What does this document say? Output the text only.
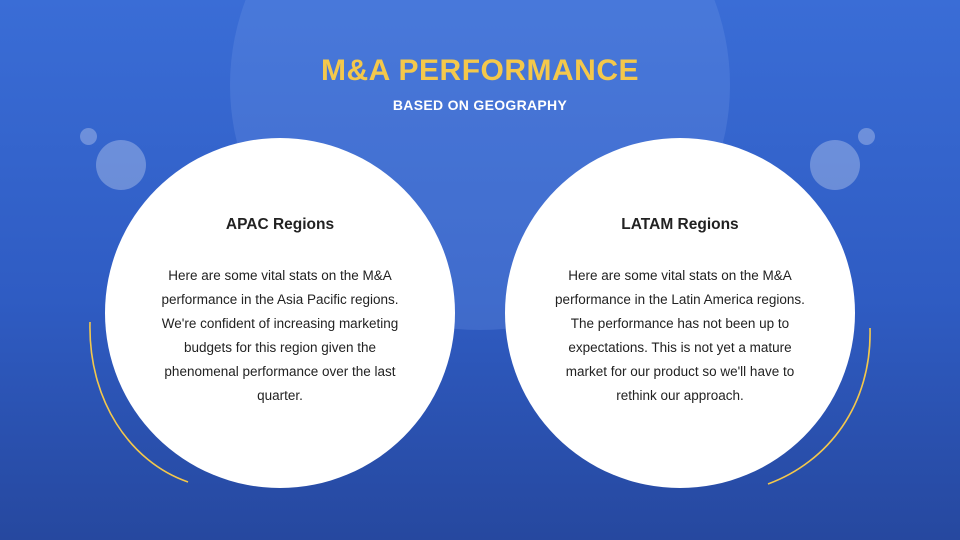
M&A PERFORMANCE
BASED ON GEOGRAPHY
APAC Regions
Here are some vital stats on the M&A performance in the Asia Pacific regions. We're confident of increasing marketing budgets for this region given the phenomenal performance over the last quarter.
LATAM Regions
Here are some vital stats on the M&A performance in the Latin America regions. The performance has not been up to expectations. This is not yet a mature market for our product so we'll have to rethink our approach.
